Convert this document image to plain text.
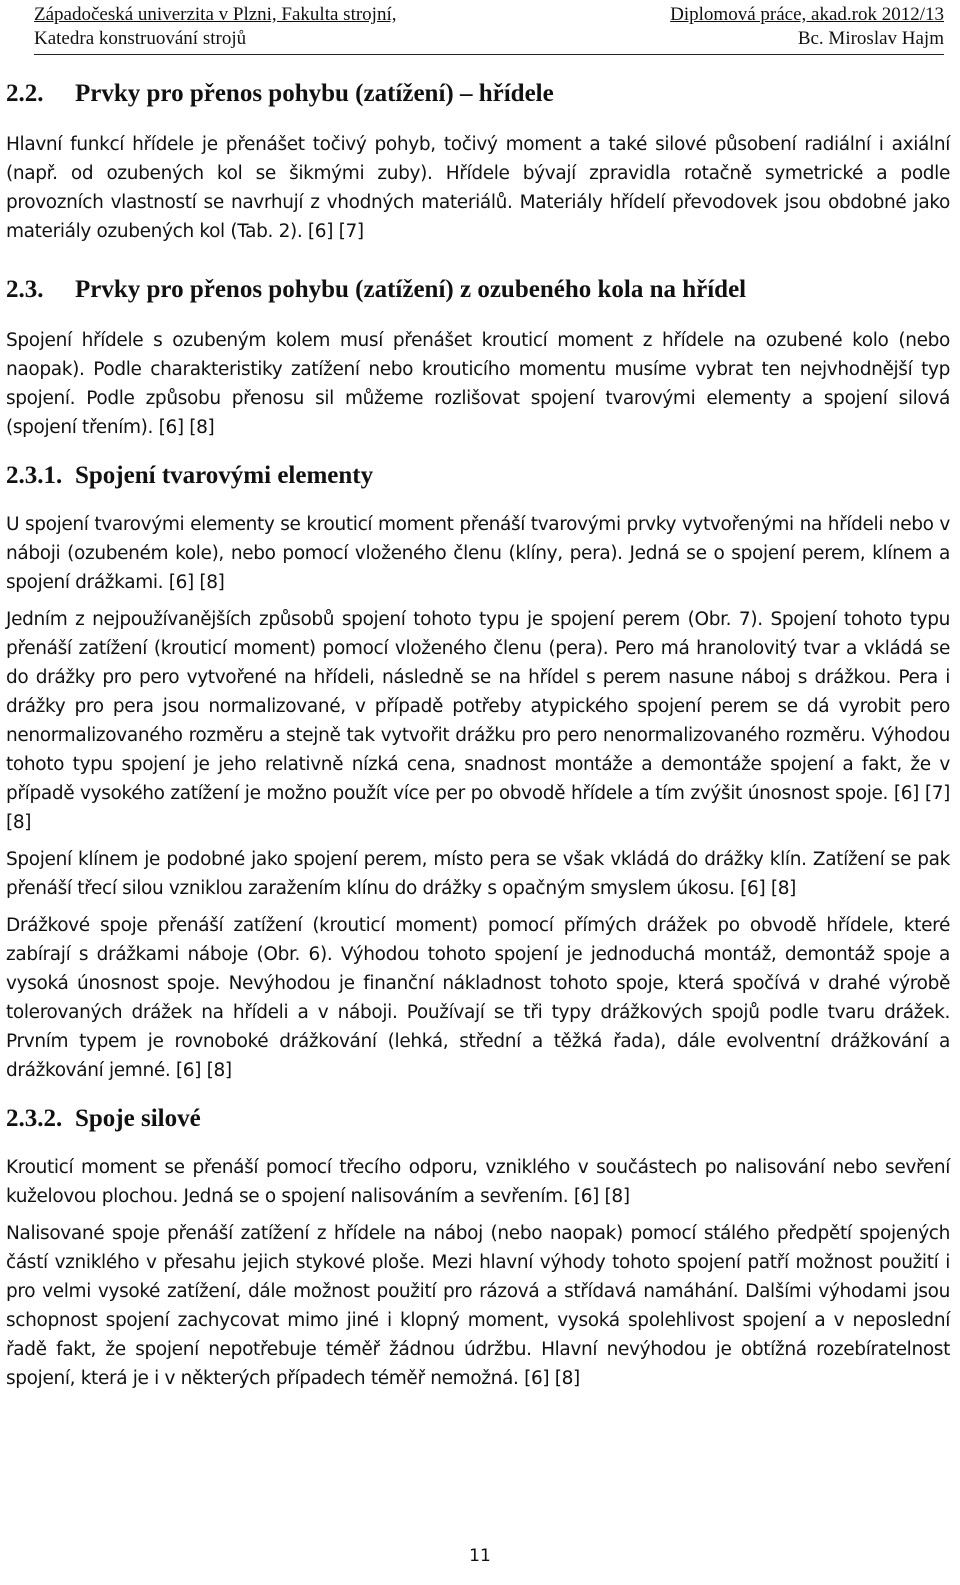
Západočeská univerzita v Plzni, Fakulta strojní,	Diplomová práce, akad.rok 2012/13
Katedra konstruování strojů	Bc. Miroslav Hajm
2.2. Prvky pro přenos pohybu (zatížení) – hřídele

Hlavní funkcí hřídele je přenášet točivý pohyb, točivý moment a také silové působení radiální i axiální (např. od ozubených kol se šikmými zuby). Hřídele bývají zpravidla rotačně symetrické a podle provozních vlastností se navrhují z vhodných materiálů. Materiály hřídelí převodovek jsou obdobné jako materiály ozubených kol (Tab. 2). [6] [7]

2.3. Prvky pro přenos pohybu (zatížení) z ozubeného kola na hřídel

Spojení hřídele s ozubeným kolem musí přenášet krouticí moment z hřídele na ozubené kolo (nebo naopak). Podle charakteristiky zatížení nebo krouticího momentu musíme vybrat ten nejvhodnější typ spojení. Podle způsobu přenosu sil můžeme rozlišovat spojení tvarovými elementy a spojení silová (spojení třením). [6] [8]

2.3.1. Spojení tvarovými elementy

U spojení tvarovými elementy se krouticí moment přenáší tvarovými prvky vytvořenými na hřídeli nebo v náboji (ozubeném kole), nebo pomocí vloženého členu (klíny, pera). Jedná se o spojení perem, klínem a spojení drážkami. [6] [8]

Jedním z nejpoužívanějších způsobů spojení tohoto typu je spojení perem (Obr. 7). Spojení tohoto typu přenáší zatížení (krouticí moment) pomocí vloženého členu (pera). Pero má hranolovitý tvar a vkládá se do drážky pro pero vytvořené na hřídeli, následně se na hřídel s perem nasune náboj s drážkou. Pera i drážky pro pera jsou normalizované, v případě potřeby atypického spojení perem se dá vyrobit pero nenormalizovaného rozměru a stejně tak vytvořit drážku pro pero nenormalizovaného rozměru. Výhodou tohoto typu spojení je jeho relativně nízká cena, snadnost montáže a demontáže spojení a fakt, že v případě vysokého zatížení je možno použít více per po obvodě hřídele a tím zvýšit únosnost spoje. [6] [7] [8]

Spojení klínem je podobné jako spojení perem, místo pera se však vkládá do drážky klín. Zatížení se pak přenáší třecí silou vzniklou zaražením klínu do drážky s opačným smyslem úkosu. [6] [8]

Drážkové spoje přenáší zatížení (krouticí moment) pomocí přímých drážek po obvodě hřídele, které zabírají s drážkami náboje (Obr. 6). Výhodou tohoto spojení je jednoduchá montáž, demontáž spoje a vysoká únosnost spoje. Nevýhodou je finanční nákladnost tohoto spoje, která spočívá v drahé výrobě tolerovaných drážek na hřídeli a v náboji. Používají se tři typy drážkových spojů podle tvaru drážek. Prvním typem je rovnoboké drážkování (lehká, střední a těžká řada), dále evolventní drážkování a drážkování jemné. [6] [8]

2.3.2. Spoje silové

Krouticí moment se přenáší pomocí třecího odporu, vzniklého v součástech po nalisování nebo sevření kuželovou plochou. Jedná se o spojení nalisováním a sevřením. [6] [8]

Nalisované spoje přenáší zatížení z hřídele na náboj (nebo naopak) pomocí stálého předpětí spojených částí vzniklého v přesahu jejich stykové ploše. Mezi hlavní výhody tohoto spojení patří možnost použití i pro velmi vysoké zatížení, dále možnost použití pro rázová a střídavá namáhání. Dalšími výhodami jsou schopnost spojení zachycovat mimo jiné i klopný moment, vysoká spolehlivost spojení a v neposlední řadě fakt, že spojení nepotřebuje téměř žádnou údržbu. Hlavní nevýhodou je obtížná rozebíratelnost spojení, která je i v některých případech téměř nemožná. [6] [8]

11
